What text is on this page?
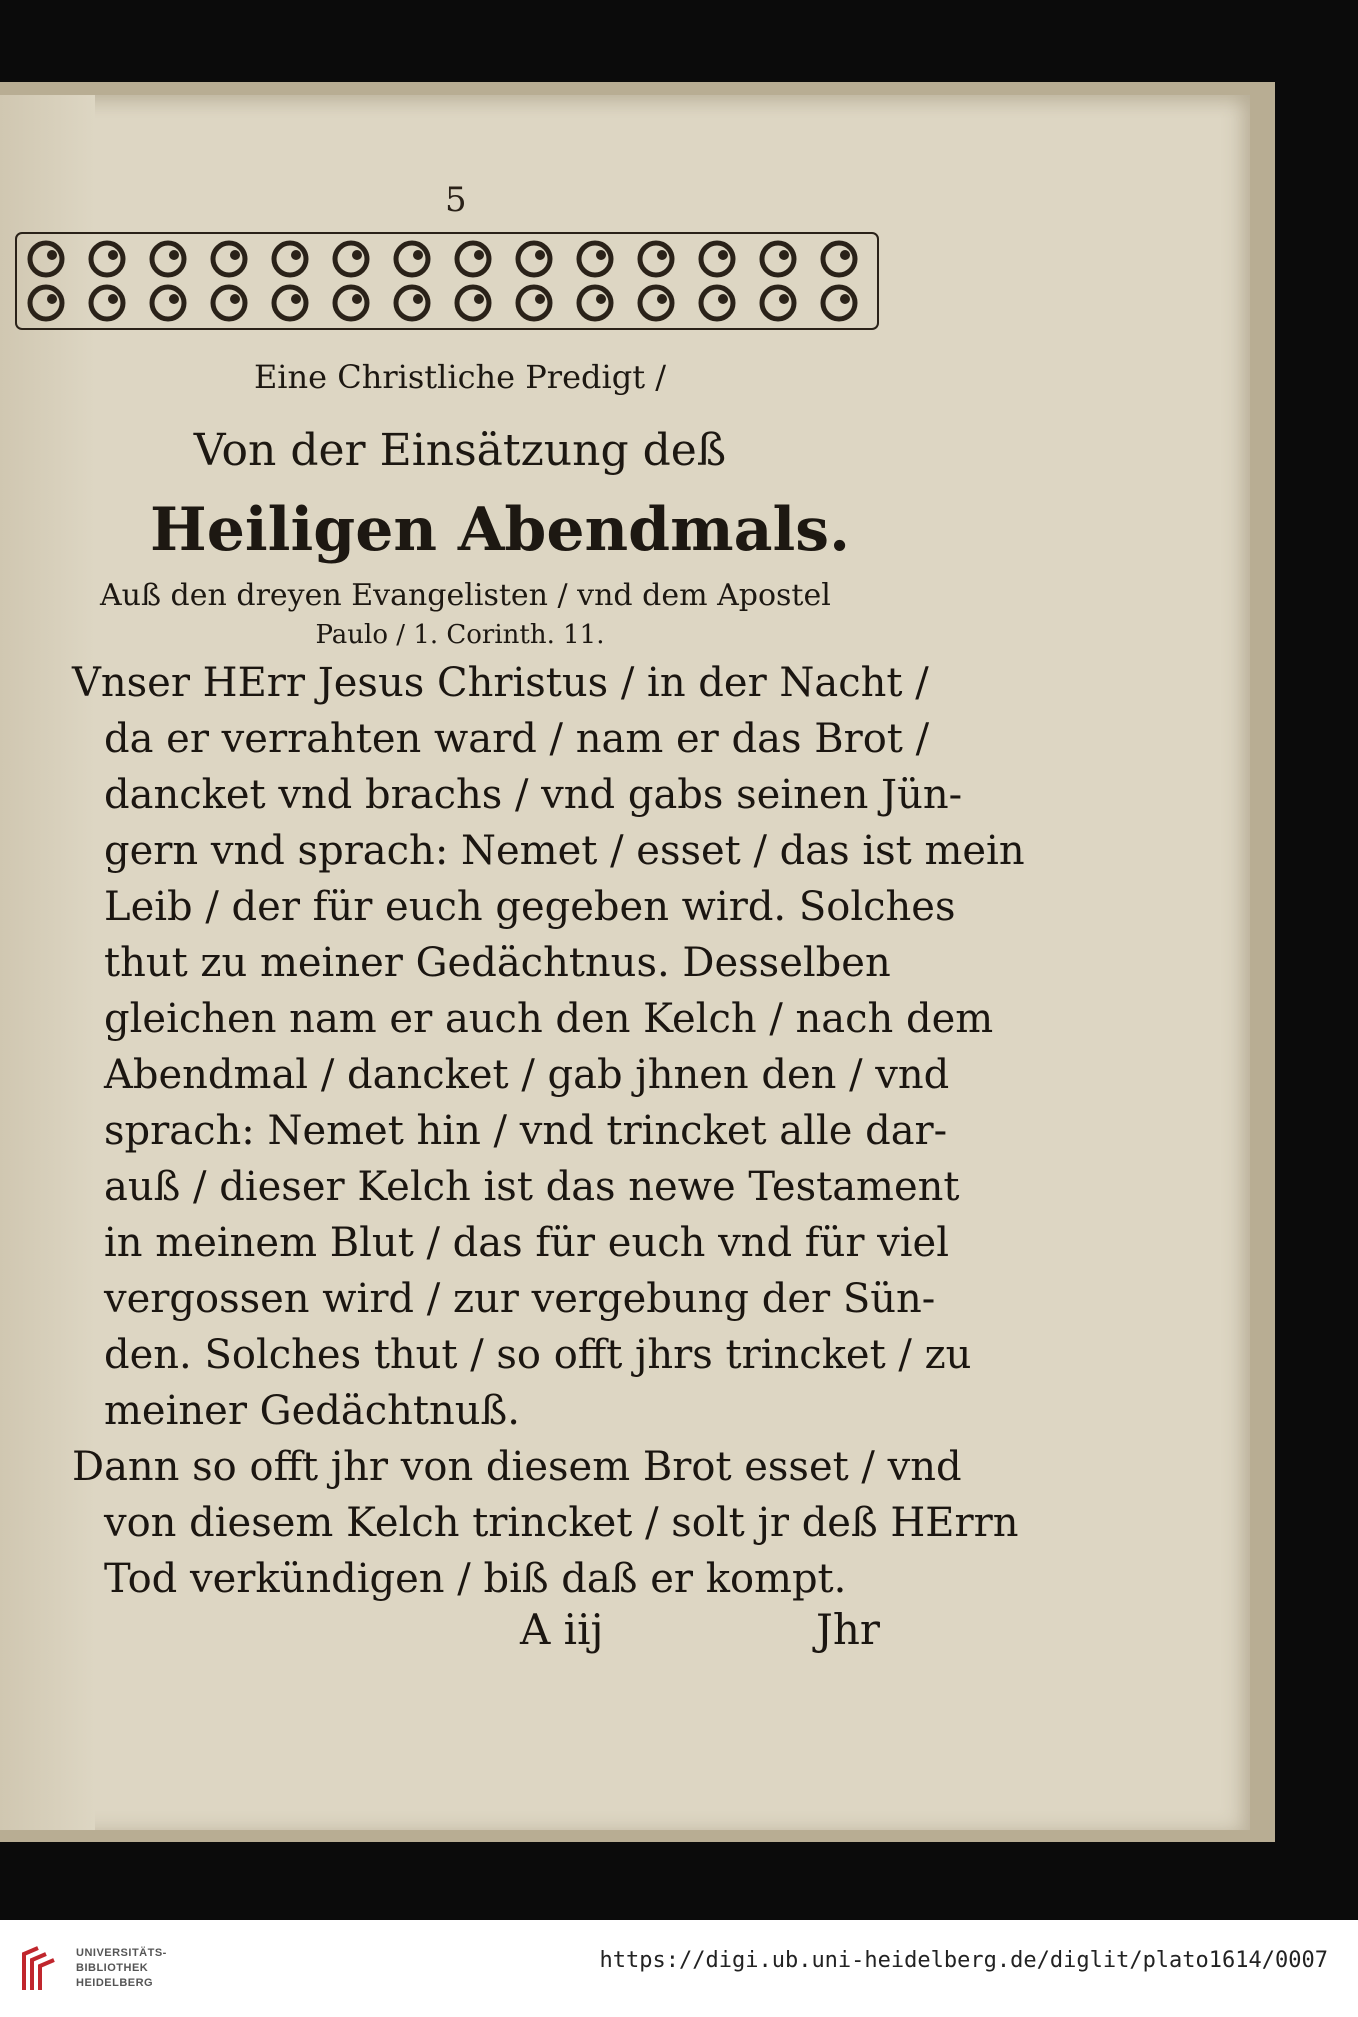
5
Eine Christliche Predigt /
Von der Einsätzung deß
Heiligen Abendmals.
Auß den dreyen Evangelisten / vnd dem Apostel
Paulo / 1. Corinth. 11.
Vnser HErr Jesus Christus / in der Nacht /
da er verrahten ward / nam er das Brot /
dancket vnd brachs / vnd gabs seinen Jün-
gern vnd sprach: Nemet / esset / das ist mein
Leib / der für euch gegeben wird. Solches
thut zu meiner Gedächtnus. Desselben
gleichen nam er auch den Kelch / nach dem
Abendmal / dancket / gab jhnen den / vnd
sprach: Nemet hin / vnd trincket alle dar-
auß / dieser Kelch ist das newe Testament
in meinem Blut / das für euch vnd für viel
vergossen wird / zur vergebung der Sün-
den. Solches thut / so offt jhrs trincket / zu
meiner Gedächtnuß.
Dann so offt jhr von diesem Brot esset / vnd
von diesem Kelch trincket / solt jr deß HErrn
Tod verkündigen / biß daß er kompt.
A iij	Jhr
UNIVERSITÄTS-
BIBLIOTHEK
HEIDELBERG
https://digi.ub.uni-heidelberg.de/diglit/plato1614/0007
